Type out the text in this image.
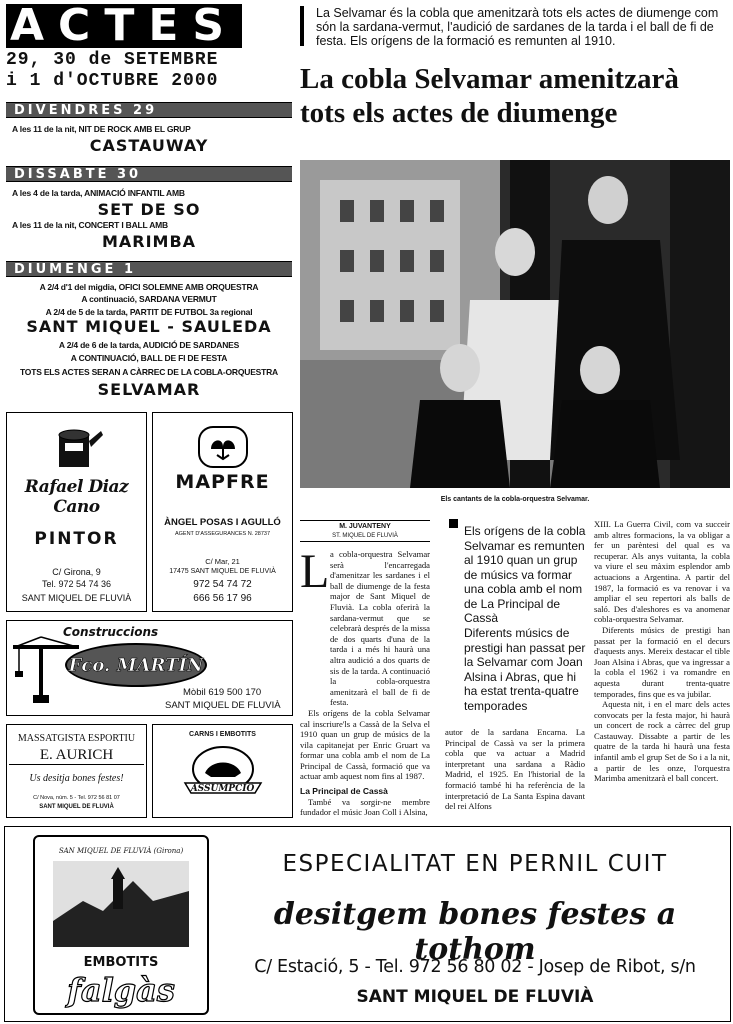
ACTES
29, 30 de SETEMBRE
i 1 d'OCTUBRE 2000
DIVENDRES 29
A les 11 de la nit, NIT DE ROCK AMB EL GRUP
CASTAUWAY
DISSABTE 30
A les 4 de la tarda, ANIMACIÓ INFANTIL AMB
SET DE SO
A les 11 de la nit, CONCERT I BALL AMB
MARIMBA
DIUMENGE 1
A 2/4 d'1 del migdia, OFICI SOLEMNE AMB ORQUESTRA
A continuació, SARDANA VERMUT
A 2/4 de 5 de la tarda, PARTIT DE FUTBOL 3a regional
SANT MIQUEL - SAULEDA
A 2/4 de 6 de la tarda, AUDICIÓ DE SARDANES
A CONTINUACIÓ, BALL DE FI DE FESTA
TOTS ELS ACTES SERAN A CÀRREC DE LA COBLA-ORQUESTRA
SELVAMAR
Rafael Diaz Cano
PINTOR
C/ Girona, 9
Tel. 972 54 74 36
SANT MIQUEL DE FLUVIÀ
MAPFRE
ÀNGEL POSAS I AGULLÓ
AGENT D'ASSEGURANCES N. 28737
C/ Mar, 21
17475 SANT MIQUEL DE FLUVIÀ
972 54 74 72
666 56 17 96
Construccions
Fco. MARTÍN
Mòbil 619 500 170
SANT MIQUEL DE FLUVIÀ
MASSATGISTA ESPORTIU
E. AURICH
Us desitja bones festes!
C/ Nova, núm. 5 - Tel. 972 56 81 07
SANT MIQUEL DE FLUVIÀ
CARNS I EMBOTITS
ASSUMPCIÓ
La Selvamar és la cobla que amenitzarà tots els actes de diumenge com són la sardana-vermut, l'audició de sardanes de la tarda i el ball de fi de festa. Els orígens de la formació es remunten al 1910.
La cobla Selvamar amenitzarà tots els actes de diumenge
Els cantants de la cobla-orquestra Selvamar.
M. JUVANTENY
ST. MIQUEL DE FLUVIÀ
L a cobla-orquestra Selvamar serà l'encarregada d'amenitzar les sardanes i el ball de diumenge de la festa major de Sant Miquel de Fluvià. La cobla oferirà la sardana-vermut que se celebrarà després de la missa de dos quarts d'una de la tarda i a més hi haurà una altra audició a dos quarts de sis de la tarda. A continuació la cobla-orquestra amenitzarà el ball de fi de festa.

Els orígens de la cobla Selvamar cal inscriure'ls a Cassà de la Selva el 1910 quan un grup de músics de la vila capitanejat per Enric Gruart va formar una cobla amb el nom de La Principal de Cassà, formació que va actuar amb aquest nom fins al 1987.

La Principal de Cassà

També va sorgir-ne membre fundador el músic Joan Coll i Alsina,

Els orígens de la cobla Selvamar es remunten al 1910 quan un grup de músics va formar una cobla amb el nom de La Principal de Cassà
Diferents músics de prestigi han passat per la Selvamar com Joan Alsina i Abras, que hi ha estat trenta-quatre temporades
autor de la sardana Encarna. La Principal de Cassà va ser la primera cobla que va actuar a Madrid interpretant una sardana a Ràdio Madrid, el 1925. En l'historial de la formació també hi ha referència de la interpretació de La Santa Espina davant del rei Alfons

XIII. La Guerra Civil, com va succeir amb altres formacions, la va obligar a fer un parèntesi del qual es va recuperar. Als anys vuitanta, la cobla va viure el seu màxim esplendor amb actuacions a Argentina. A partir del 1987, la formació es va renovar i va ampliar el seu repertori als balls de saló. Des d'aleshores es va anomenar cobla-orquestra Selvamar.

Diferents músics de prestigi han passat per la formació en el decurs d'aquests anys. Mereix destacar el tible Joan Alsina i Abras, que va ingressar a la cobla el 1962 i va romandre en aquesta durant trenta-quatre temporades, fins que es va jubilar.

Aquesta nit, i en el marc dels actes convocats per la festa major, hi haurà un concert de rock a càrrec del grup Castauway. Dissabte a partir de les quatre de la tarda hi haurà una festa infantil amb el grup Set de So i a la nit, a partir de les onze, l'orquestra Marimba amenitzarà el ball concert.

SAN MIQUEL DE FLUVIÀ (Girona)
EMBOTITS
falgàs
ESPECIALITAT EN PERNIL CUIT
desitgem bones festes a tothom
C/ Estació, 5 - Tel. 972 56 80 02 - Josep de Ribot, s/n
SANT MIQUEL DE FLUVIÀ
